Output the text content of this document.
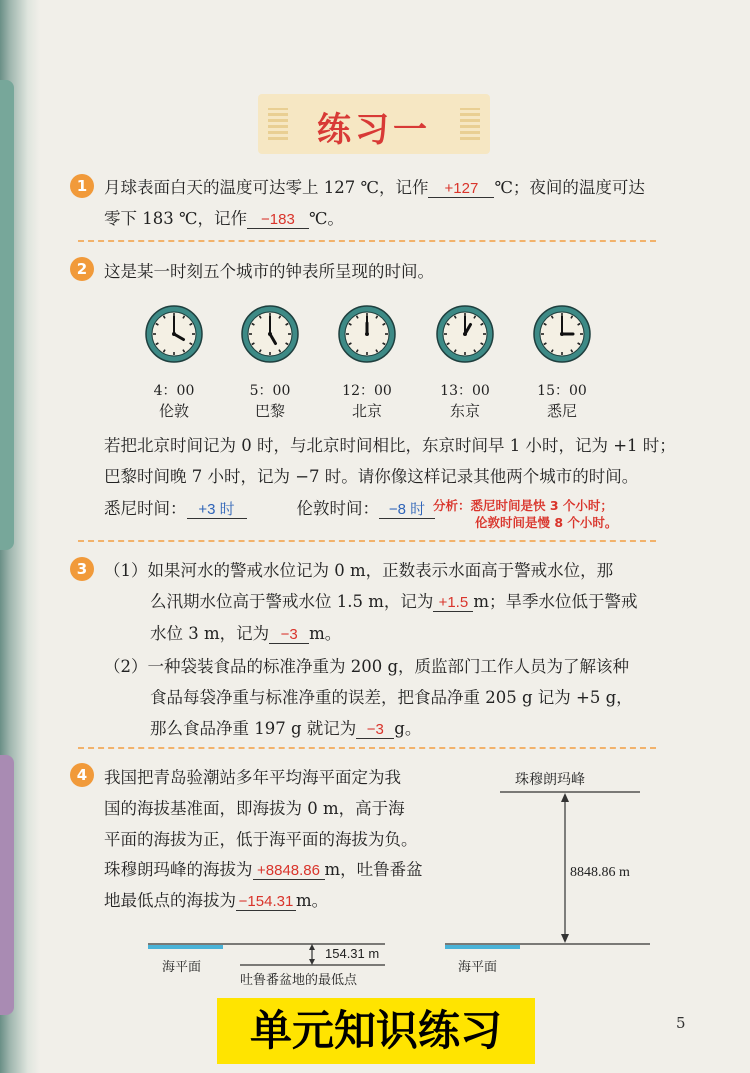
练习一
1	月球表面白天的温度可达零上 127 ℃，记作 +127 ℃；夜间的温度可达
零下 183 ℃，记作 −183 ℃。
2	这是某一时刻五个城市的钟表所呈现的时间。
4：00
伦敦
5：00
巴黎
12：00
北京
13：00
东京
15：00
悉尼
若把北京时间记为 0 时，与北京时间相比，东京时间早 1 小时，记为 +1 时；
巴黎时间晚 7 小时，记为 −7 时。请你像这样记录其他两个城市的时间。
悉尼时间： +3 时	伦敦时间： −8 时 分析：悉尼时间是快 3 个小时；
伦敦时间是慢 8 个小时。
3	（1）如果河水的警戒水位记为 0 m，正数表示水面高于警戒水位，那
么汛期水位高于警戒水位 1.5 m，记为 +1.5 m；旱季水位低于警戒
水位 3 m，记为 −3 m。
（2）一种袋装食品的标准净重为 200 g，质监部门工作人员为了解该种
食品每袋净重与标准净重的误差，把食品净重 205 g 记为 +5 g，
那么食品净重 197 g 就记为 −3 g。
4	我国把青岛验潮站多年平均海平面定为我
国的海拔基准面，即海拔为 0 m，高于海
平面的海拔为正，低于海平面的海拔为负。
珠穆朗玛峰的海拔为 +8848.86 m，吐鲁番盆
地最低点的海拔为 −154.31 m。
珠穆朗玛峰
8848.86 m
154.31 m
海平面	海平面
吐鲁番盆地的最低点
单元知识练习	5
